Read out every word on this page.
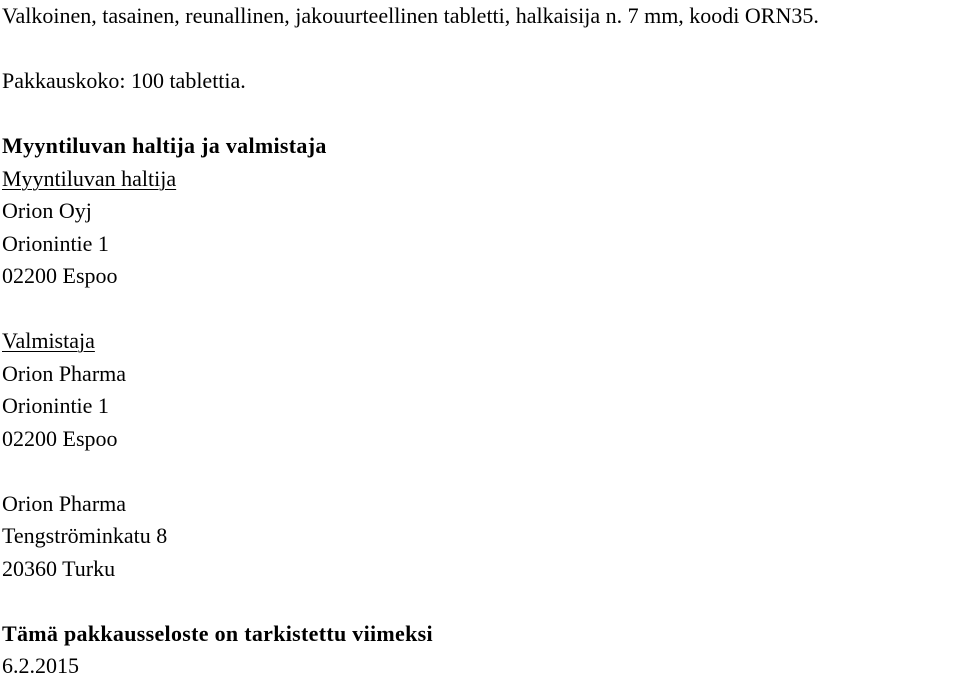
Valkoinen, tasainen, reunallinen, jakouurteellinen tabletti, halkaisija n. 7 mm, koodi ORN35.

Pakkauskoko: 100 tablettia.

Myyntiluvan haltija ja valmistaja

Myyntiluvan haltija

Orion Oyj

Orionintie 1

02200 Espoo

Valmistaja

Orion Pharma

Orionintie 1

02200 Espoo

Orion Pharma

Tengströminkatu 8

20360 Turku

Tämä pakkausseloste on tarkistettu viimeksi

6.2.2015
